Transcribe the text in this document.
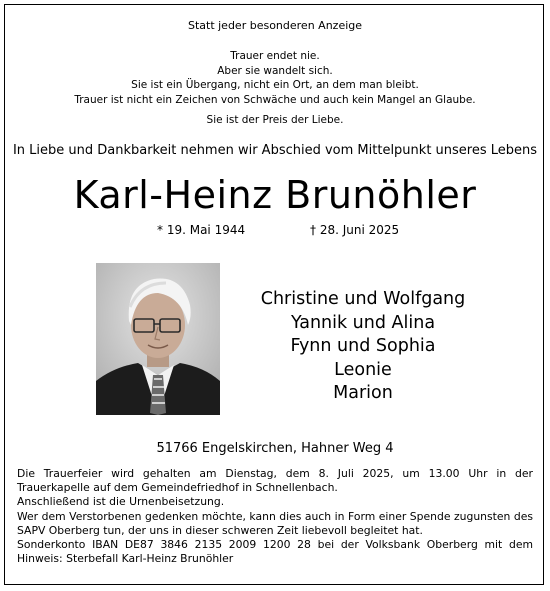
Statt jeder besonderen Anzeige
Trauer endet nie.
Aber sie wandelt sich.
Sie ist ein Übergang, nicht ein Ort, an dem man bleibt.
Trauer ist nicht ein Zeichen von Schwäche und auch kein Mangel an Glaube.
Sie ist der Preis der Liebe.
In Liebe und Dankbarkeit nehmen wir Abschied vom Mittelpunkt unseres Lebens
Karl-Heinz Brunöhler
* 19. Mai 1944	† 28. Juni 2025
Christine und Wolfgang
Yannik und Alina
Fynn und Sophia
Leonie
Marion
51766 Engelskirchen, Hahner Weg 4

Die Trauerfeier wird gehalten am Dienstag, dem 8. Juli 2025, um 13.00 Uhr in der Trauerkapelle auf dem Gemeindefriedhof in Schnellenbach.

Anschließend ist die Urnenbeisetzung.

Wer dem Verstorbenen gedenken möchte, kann dies auch in Form einer Spende zugunsten des SAPV Oberberg tun, der uns in dieser schweren Zeit liebevoll begleitet hat.

Sonderkonto IBAN DE87 3846 2135 2009 1200 28 bei der Volksbank Oberberg mit dem Hinweis: Sterbefall Karl-Heinz Brunöhler
